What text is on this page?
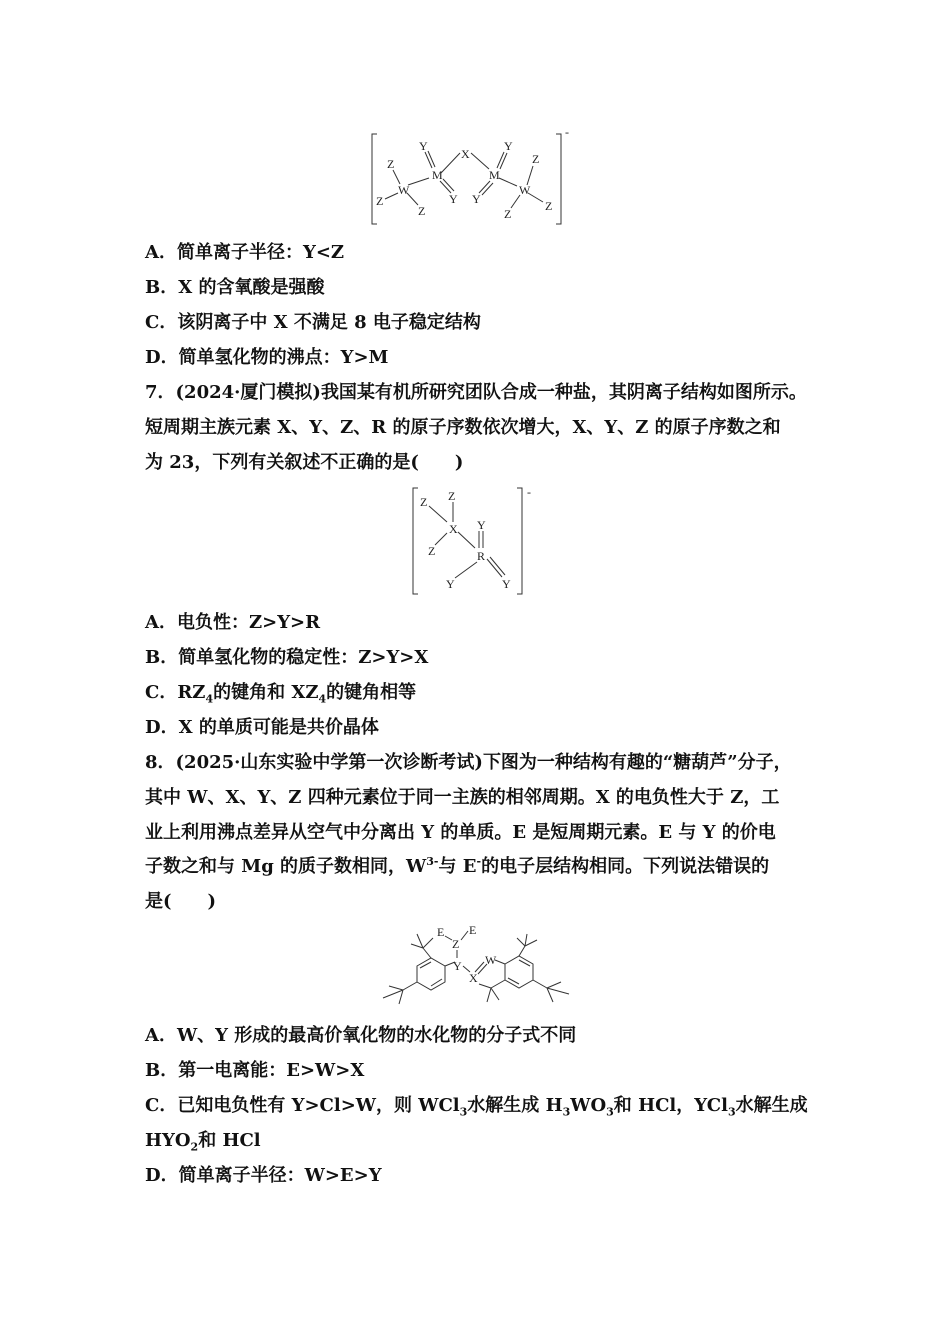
-
Z
Z
Z
W
Y
M
Y
X
Y
M
Y
W
Z
Z
Z
A．简单离子半径：Y<Z
B．X 的含氧酸是强酸
C．该阴离子中 X 不满足 8 电子稳定结构
D．简单氢化物的沸点：Y>M
7．(2024·厦门模拟)我国某有机所研究团队合成一种盐，其阴离子结构如图所示。
短周期主族元素 X、Y、Z、R 的原子序数依次增大，X、Y、Z 的原子序数之和
为 23，下列有关叙述不正确的是(　　)
-
Z Z
X
Z
Y
R
Y	Y
A．电负性：Z>Y>R
B．简单氢化物的稳定性：Z>Y>X
C．$RZ_4$的键角和 $XZ_4$的键角相等
D．X 的单质可能是共价晶体
8．(2025·山东实验中学第一次诊断考试)下图为一种结构有趣的“糖葫芦”分子，
其中 W、X、Y、Z 四种元素位于同一主族的相邻周期。X 的电负性大于 Z，工
业上利用沸点差异从空气中分离出 Y 的单质。E 是短周期元素。E 与 Y 的价电
子数之和与 Mg 的质子数相同，$W^{3-}$与 E-的电子层结构相同。下列说法错误的
是(　　)
E E
Z
Y
X
W
A．W、Y 形成的最高价氧化物的水化物的分子式不同
B．第一电离能：E>W>X
C．已知电负性有 Y>Cl>W，则 WCl$_3$水解生成 $H_3WO_3$和 HCl，YCl$_3$水解生成
$HYO_2$和 HCl
D．简单离子半径：W>E>Y
